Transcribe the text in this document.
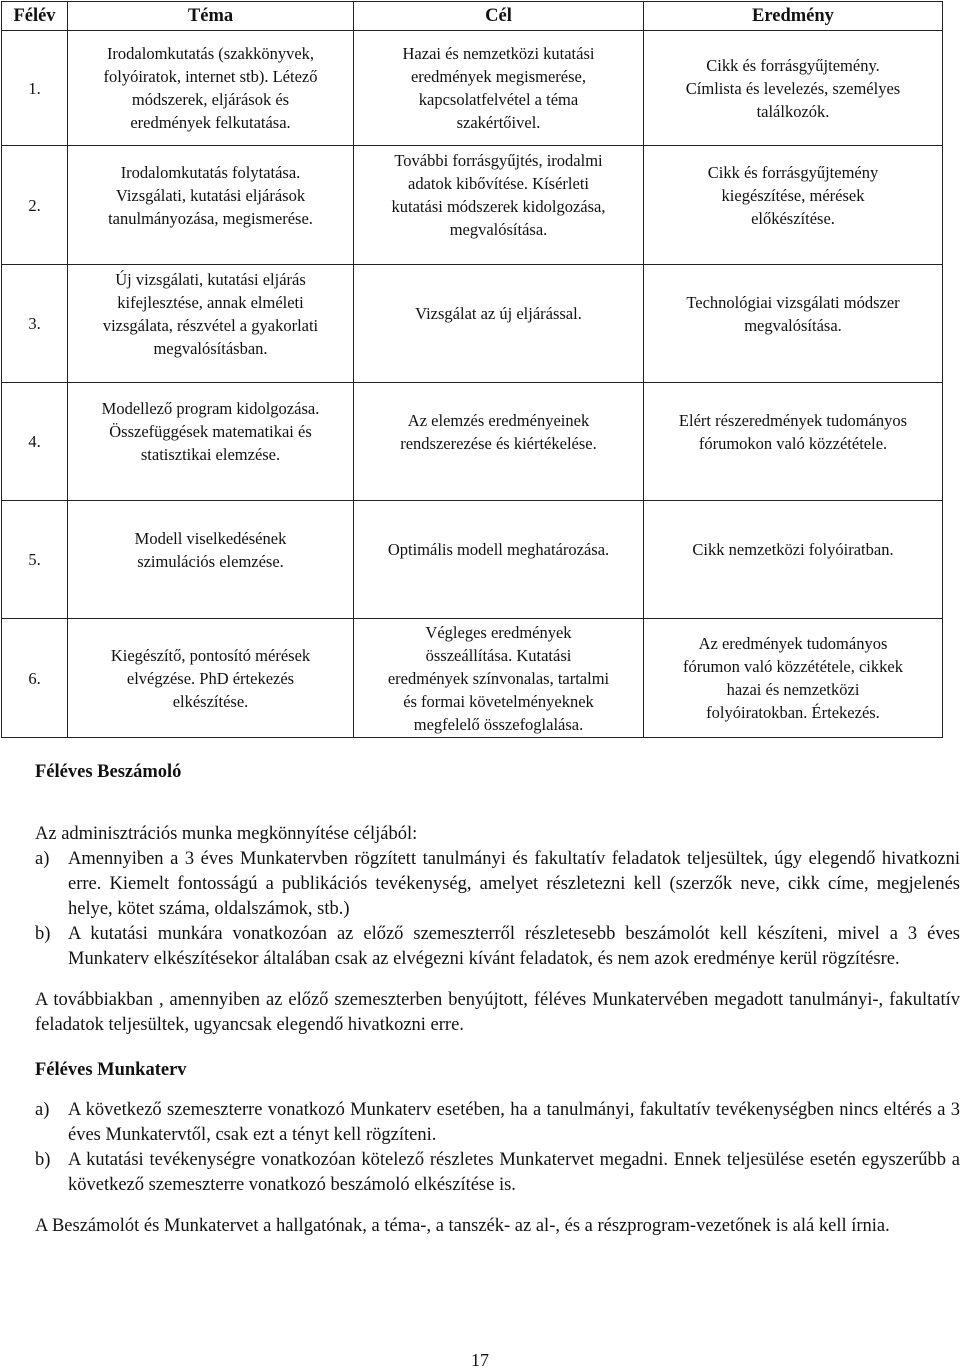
Félév	Téma	Cél	Eredmény
1.	Irodalomkutatás (szakkönyvek,
folyóiratok, internet stb). Létező
módszerek, eljárások és
eredmények felkutatása.	Hazai és nemzetközi kutatási
eredmények megismerése,
kapcsolatfelvétel a téma
szakértőivel.	Cikk és forrásgyűjtemény.
Címlista és levelezés, személyes
találkozók.

2.	Irodalomkutatás folytatása.
Vizsgálati, kutatási eljárások
tanulmányozása, megismerése.	További forrásgyűjtés, irodalmi
adatok kibővítése. Kísérleti
kutatási módszerek kidolgozása,
megvalósítása.	Cikk és forrásgyűjtemény
kiegészítése, mérések
előkészítése.

3.	Új vizsgálati, kutatási eljárás
kifejlesztése, annak elméleti
vizsgálata, részvétel a gyakorlati
megvalósításban.	Vizsgálat az új eljárással.	Technológiai vizsgálati módszer
megvalósítása.

4.	Modellező program kidolgozása.
Összefüggések matematikai és
statisztikai elemzése.	Az elemzés eredményeinek
rendszerezése és kiértékelése.	Elért részeredmények tudományos
fórumokon való közzététele.

5.	Modell viselkedésének
szimulációs elemzése.	Optimális modell meghatározása.	Cikk nemzetközi folyóiratban.

6.	Kiegészítő, pontosító mérések
elvégzése. PhD értekezés
elkészítése.	Végleges eredmények
összeállítása. Kutatási
eredmények színvonalas, tartalmi
és formai követelményeknek
megfelelő összefoglalása.	Az eredmények tudományos
fórumon való közzététele, cikkek
hazai és nemzetközi
folyóiratokban. Értekezés.
Féléves Beszámoló

Az adminisztrációs munka megkönnyítése céljából:

a) Amennyiben a 3 éves Munkatervben rögzített tanulmányi és fakultatív feladatok teljesültek, úgy elegendő hivatkozni erre. Kiemelt fontosságú a publikációs tevékenység, amelyet részletezni kell (szerzők neve, cikk címe, megjelenés helye, kötet száma, oldalszámok, stb.)
b) A kutatási munkára vonatkozóan az előző szemeszterről részletesebb beszámolót kell készíteni, mivel a 3 éves Munkaterv elkészítésekor általában csak az elvégezni kívánt feladatok, és nem azok eredménye kerül rögzítésre.

A továbbiakban , amennyiben az előző szemeszterben benyújtott, féléves Munkatervében megadott tanulmányi-, fakultatív feladatok teljesültek, ugyancsak elegendő hivatkozni erre.

Féléves Munkaterv
a) A következő szemeszterre vonatkozó Munkaterv esetében, ha a tanulmányi, fakultatív tevékenységben nincs eltérés a 3 éves Munkatervtől, csak ezt a tényt kell rögzíteni.
b) A kutatási tevékenységre vonatkozóan kötelező részletes Munkatervet megadni. Ennek teljesülése esetén egyszerűbb a következő szemeszterre vonatkozó beszámoló elkészítése is.

A Beszámolót és Munkatervet a hallgatónak, a téma-, a tanszék- az al-, és a részprogram-vezetőnek is alá kell írnia.

17
